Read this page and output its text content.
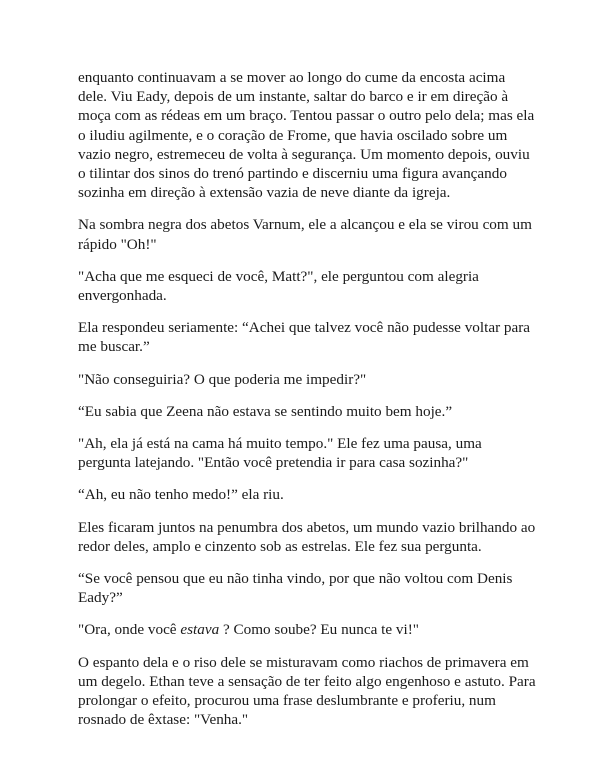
enquanto continuavam a se mover ao longo do cume da encosta acima dele. Viu Eady, depois de um instante, saltar do barco e ir em direção à moça com as rédeas em um braço. Tentou passar o outro pelo dela; mas ela o iludiu agilmente, e o coração de Frome, que havia oscilado sobre um vazio negro, estremeceu de volta à segurança. Um momento depois, ouviu o tilintar dos sinos do trenó partindo e discerniu uma figura avançando sozinha em direção à extensão vazia de neve diante da igreja.

Na sombra negra dos abetos Varnum, ele a alcançou e ela se virou com um rápido "Oh!"

"Acha que me esqueci de você, Matt?", ele perguntou com alegria envergonhada.

Ela respondeu seriamente: “Achei que talvez você não pudesse voltar para me buscar.”

"Não conseguiria? O que poderia me impedir?"

“Eu sabia que Zeena não estava se sentindo muito bem hoje.”

"Ah, ela já está na cama há muito tempo." Ele fez uma pausa, uma pergunta latejando. "Então você pretendia ir para casa sozinha?"

“Ah, eu não tenho medo!” ela riu.

Eles ficaram juntos na penumbra dos abetos, um mundo vazio brilhando ao redor deles, amplo e cinzento sob as estrelas. Ele fez sua pergunta.

“Se você pensou que eu não tinha vindo, por que não voltou com Denis Eady?”

"Ora, onde você estava ? Como soube? Eu nunca te vi!"

O espanto dela e o riso dele se misturavam como riachos de primavera em um degelo. Ethan teve a sensação de ter feito algo engenhoso e astuto. Para prolongar o efeito, procurou uma frase deslumbrante e proferiu, num rosnado de êxtase: "Venha."
